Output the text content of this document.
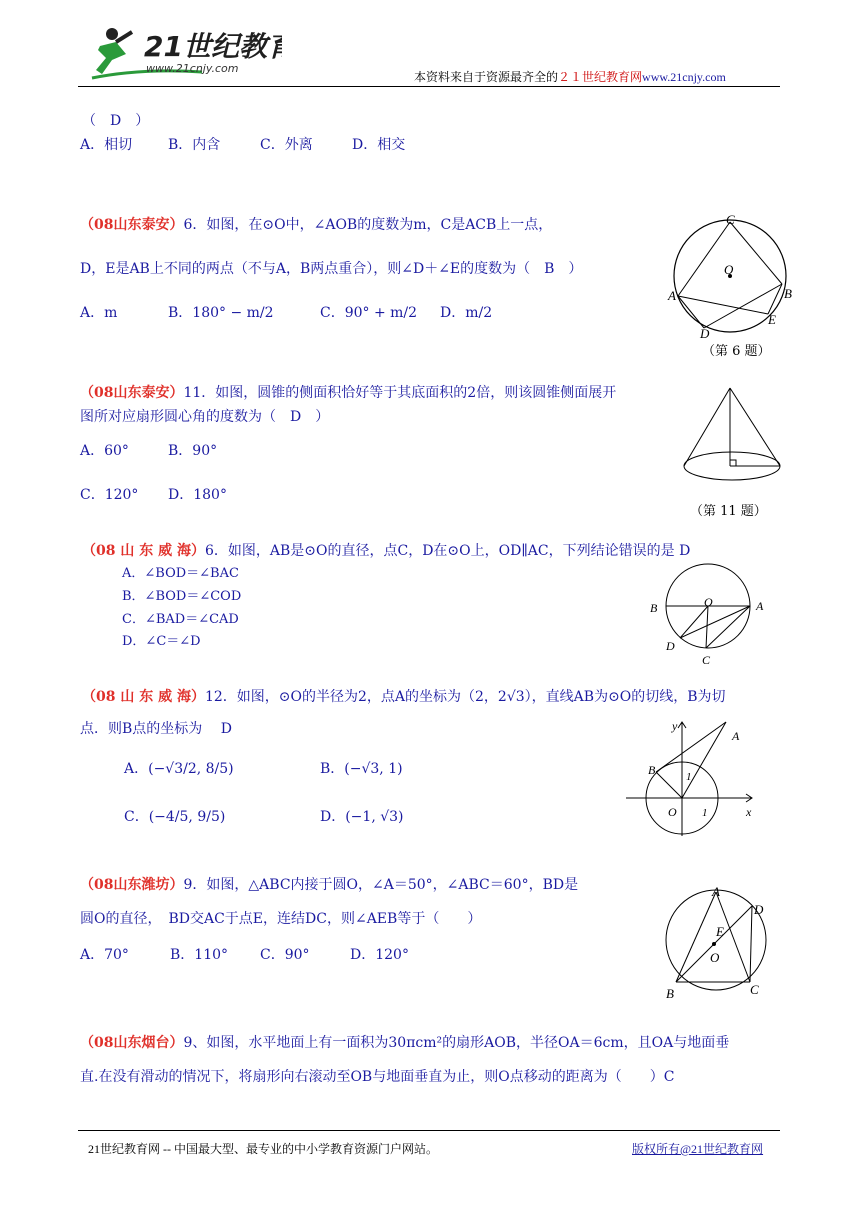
21世纪教育
www.21cnjy.com
本资料来自于资源最齐全的２１世纪教育网www.21cnjy.com
（　D　）
A．相切	B．内含	C．外离	D．相交
（08山东泰安）6．如图，在⊙O中，∠AOB的度数为m，C是ACB上一点，
D，E是AB上不同的两点（不与A，B两点重合），则∠D＋∠E的度数为（　B　）
A．m	B．180° − m/2	C．90° + m/2 D．m/2
C
O
A	B
E
D
（第 6 题）
（08山东泰安）11．如图，圆锥的侧面积恰好等于其底面积的2倍，则该圆锥侧面展开
图所对应扇形圆心角的度数为（　D　）
A．60°	B．90°
C．120° D．180°
（第 11 题）
（08 山 东 威 海）6．如图，AB是⊙O的直径，点C，D在⊙O上，OD∥AC，下列结论错误的是 D
A．∠BOD＝∠BAC
B．∠BOD＝∠COD
C．∠BAD＝∠CAD
D．∠C＝∠D
B	O	A
D
C
（08 山 东 威 海）12．如图，⊙O的半径为2，点A的坐标为（2，2√3），直线AB为⊙O的切线，B为切
点．则B点的坐标为　 D
A．(−√3/2, 8/5)	B．(−√3, 1)
C．(−4/5, 9/5)	D．(−1, √3)
y
A
B	1
O 1	x
（08山东潍坊）9．如图，△ABC内接于圆O，∠A＝50°，∠ABC＝60°，BD是
圆O的直径，　BD交AC于点E，连结DC，则∠AEB等于（　　）
A．70°	B．110° C．90°	D．120°
A
D
E
O
B	C
（08山东烟台）9、如图，水平地面上有一面积为30πcm²的扇形AOB，半径OA＝6cm，且OA与地面垂
直.在没有滑动的情况下，将扇形向右滚动至OB与地面垂直为止，则O点移动的距离为（　　）C
21世纪教育网 -- 中国最大型、最专业的中小学教育资源门户网站。	版权所有@21世纪教育网
